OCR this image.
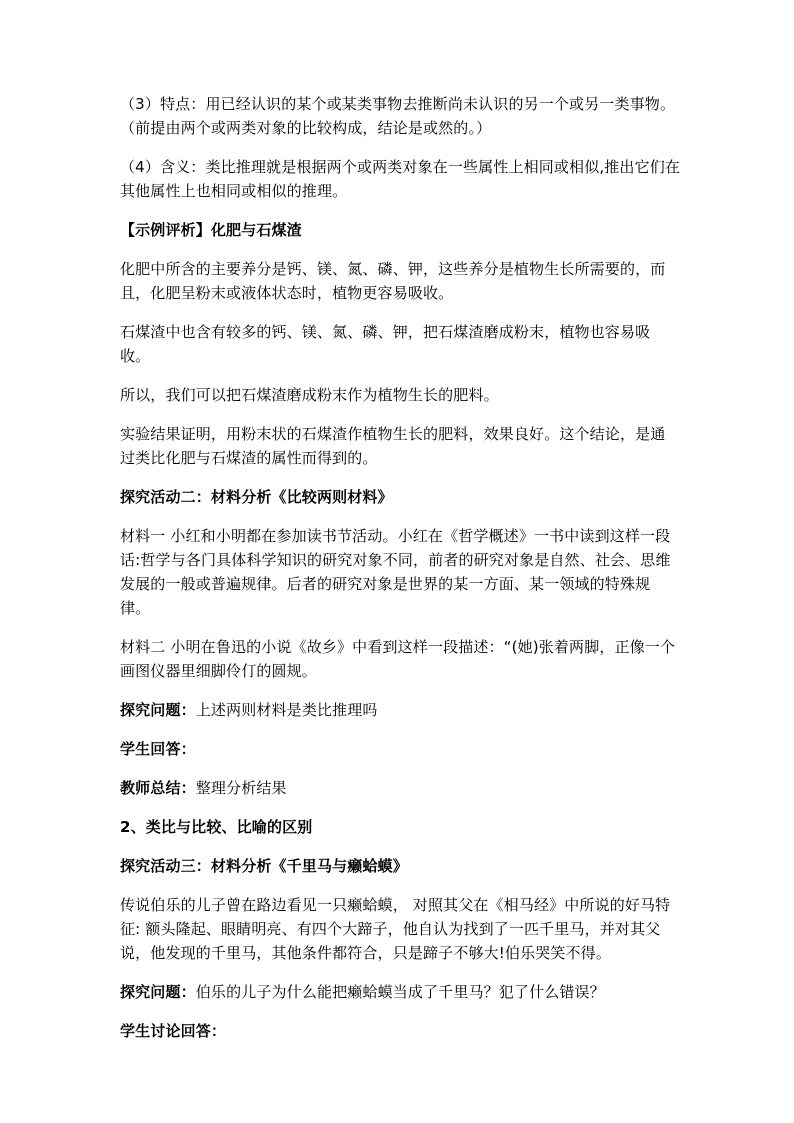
（3）特点：用已经认识的某个或某类事物去推断尚未认识的另一个或另一类事物。（前提由两个或两类对象的比较构成，结论是或然的。）

（4）含义：类比推理就是根据两个或两类对象在一些属性上相同或相似,推出它们在其他属性上也相同或相似的推理。

【示例评析】化肥与石煤渣

化肥中所含的主要养分是钙、镁、氮、磷、钾，这些养分是植物生长所需要的，而且，化肥呈粉末或液体状态时，植物更容易吸收。

石煤渣中也含有较多的钙、镁、氮、磷、钾，把石煤渣磨成粉末，植物也容易吸收。

所以，我们可以把石煤渣磨成粉末作为植物生长的肥料。

实验结果证明，用粉末状的石煤渣作植物生长的肥料，效果良好。这个结论，是通过类比化肥与石煤渣的属性而得到的。

探究活动二：材料分析《比较两则材料》

材料一 小红和小明都在参加读书节活动。小红在《哲学概述》一书中读到这样一段话:哲学与各门具体科学知识的研究对象不同，前者的研究对象是自然、社会、思维发展的一般或普遍规律。后者的研究对象是世界的某一方面、某一领域的特殊规律。

材料二 小明在鲁迅的小说《故乡》中看到这样一段描述：“(她)张着两脚，正像一个画图仪器里细脚伶仃的圆规。

探究问题：上述两则材料是类比推理吗

学生回答：

教师总结：整理分析结果

2、类比与比较、比喻的区别

探究活动三：材料分析《千里马与癞蛤蟆》

传说伯乐的儿子曾在路边看见一只癞蛤蟆， 对照其父在《相马经》中所说的好马特征: 额头隆起、眼睛明亮、有四个大蹄子，他自认为找到了一匹千里马，并对其父说，他发现的千里马，其他条件都符合，只是蹄子不够大!伯乐哭笑不得。

探究问题：伯乐的儿子为什么能把癞蛤蟆当成了千里马？犯了什么错误？

学生讨论回答：
